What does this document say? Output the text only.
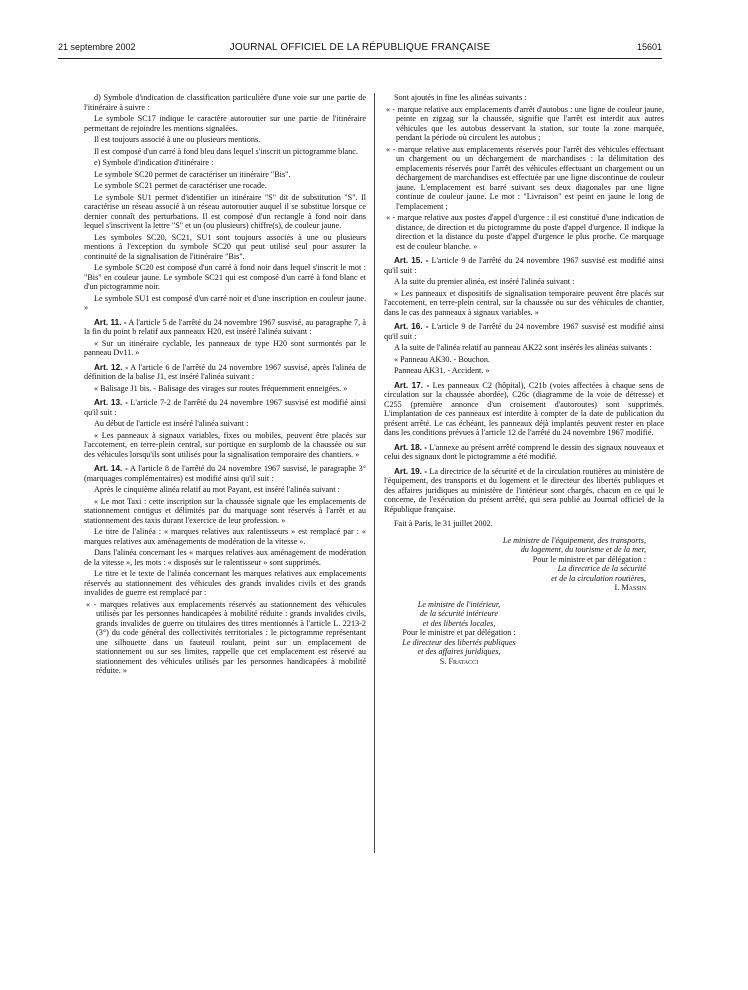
21 septembre 2002	JOURNAL OFFICIEL DE LA RÉPUBLIQUE FRANÇAISE	15601

d) Symbole d'indication de classification particulière d'une voie sur une partie de l'itinéraire à suivre :

Le symbole SC17 indique le caractère autoroutier sur une partie de l'itinéraire permettant de rejoindre les mentions signalées.

Il est toujours associé à une ou plusieurs mentions.

Il est composé d'un carré à fond bleu dans lequel s'inscrit un pictogramme blanc.

e) Symbole d'indication d'itinéraire :

Le symbole SC20 permet de caractériser un itinéraire "Bis".

Le symbole SC21 permet de caractériser une rocade.

Le symbole SU1 permet d'identifier un itinéraire "S" dit de substitution "S". Il caractérise un réseau associé à un réseau autoroutier auquel il se substitue lorsque ce dernier connaît des perturbations. Il est composé d'un rectangle à fond noir dans lequel s'inscrivent la lettre "S" et un (ou plusieurs) chiffre(s), de couleur jaune.

Les symboles SC20, SC21, SU1 sont toujours associés à une ou plusieurs mentions à l'exception du symbole SC20 qui peut utilisé seul pour assurer la continuité de la signalisation de l'itinéraire "Bis".

Le symbole SC20 est composé d'un carré à fond noir dans lequel s'inscrit le mot : "Bis" en couleur jaune. Le symbole SC21 qui est composé d'un carré à fond blanc et d'un pictogramme noir.

Le symbole SU1 est composé d'un carré noir et d'une inscription en couleur jaune. »

Art. 11. - A l'article 5 de l'arrêté du 24 novembre 1967 susvisé, au paragraphe 7, à la fin du point b relatif aux panneaux H20, est inséré l'alinéa suivant :

« Sur un itinéraire cyclable, les panneaux de type H20 sont surmontés par le panneau Dv11. »

Art. 12. - A l'article 6 de l'arrêté du 24 novembre 1967 susvisé, après l'alinéa de définition de la balise J1, est inséré l'alinéa suivant :

« Balisage J1 bis. - Balisage des virages sur routes fréquemment enneigées. »

Art. 13. - L'article 7-2 de l'arrêté du 24 novembre 1967 susvisé est modifié ainsi qu'il suit :

Au début de l'article est inséré l'alinéa suivant :

« Les panneaux à signaux variables, fixes ou mobiles, peuvent être placés sur l'accotement, en terre-plein central, sur portique en surplomb de la chaussée ou sur des véhicules lorsqu'ils sont utilisés pour la signalisation temporaire des chantiers. »

Art. 14. - A l'article 8 de l'arrêté du 24 novembre 1967 susvisé, le paragraphe 3° (marquages complémentaires) est modifié ainsi qu'il suit :

Après le cinquième alinéa relatif au mot Payant, est inséré l'alinéa suivant :

« Le mot Taxi : cette inscription sur la chaussée signale que les emplacements de stationnement contigus et délimités par du marquage sont réservés à l'arrêt et au stationnement des taxis durant l'exercice de leur profession. »

Le titre de l'alinéa : « marques relatives aux ralentisseurs » est remplacé par : « marques relatives aux aménagements de modération de la vitesse ».

Dans l'alinéa concernant les « marques relatives aux aménagement de modération de la vitesse », les mots : « disposés sur le ralentisseur » sont supprimés.

Le titre et le texte de l'alinéa concernant les marques relatives aux emplacements réservés au stationnement des véhicules des grands invalides civils et des grands invalides de guerre est remplacé par :

« - marques relatives aux emplacements réservés au stationnement des véhicules utilisés par les personnes handicapées à mobilité réduite : grands invalides civils, grands invalides de guerre ou titulaires des titres mentionnés à l'article L. 2213-2 (3°) du code général des collectivités territoriales : le pictogramme représentant une silhouette dans un fauteuil roulant, peint sur un emplacement de stationnement ou sur ses limites, rappelle que cet emplacement est réservé au stationnement des véhicules utilisés par les personnes handicapées à mobilité réduite. »

Sont ajoutés in fine les alinéas suivants :

« - marque relative aux emplacements d'arrêt d'autobus : une ligne de couleur jaune, peinte en zigzag sur la chaussée, signifie que l'arrêt est interdit aux autres véhicules que les autobus desservant la station, sur toute la zone marquée, pendant la période où circulent les autobus ;

« - marque relative aux emplacements réservés pour l'arrêt des véhicules effectuant un chargement ou un déchargement de marchandises : la délimitation des emplacements réservés pour l'arrêt des véhicules effectuant un chargement ou un déchargement de marchandises est effectuée par une ligne discontinue de couleur jaune. L'emplacement est barré suivant ses deux diagonales par une ligne continue de couleur jaune. Le mot : "Livraison" est peint en jaune le long de l'emplacement ;

« - marque relative aux postes d'appel d'urgence : il est constitué d'une indication de distance, de direction et du pictogramme du poste d'appel d'urgence. Il indique la direction et la distance du poste d'appel d'urgence le plus proche. Ce marquage est de couleur blanche. »

Art. 15. - L'article 9 de l'arrêté du 24 novembre 1967 susvisé est modifié ainsi qu'il suit :

A la suite du premier alinéa, est inséré l'alinéa suivant :

« Les panneaux et dispositifs de signalisation temporaire peuvent être placés sur l'accotement, en terre-plein central, sur la chaussée ou sur des véhicules de chantier, dans le cas des panneaux à signaux variables. »

Art. 16. - L'article 9 de l'arrêté du 24 novembre 1967 susvisé est modifié ainsi qu'il suit :

A la suite de l'alinéa relatif au panneau AK22 sont insérés les alinéas suivants :

« Panneau AK30. - Bouchon.

Panneau AK31. - Accident. »

Art. 17. - Les panneaux C2 (hôpital), C21b (voies affectées à chaque sens de circulation sur la chaussée abordée), C26c (diagramme de la voie de détresse) et C255 (première annonce d'un croisement d'autoroutes) sont supprimés. L'implantation de ces panneaux est interdite à compter de la date de publication du présent arrêté. Le cas échéant, les panneaux déjà implantés peuvent rester en place dans les conditions prévues à l'article 12 de l'arrêté du 24 novembre 1967 modifié.

Art. 18. - L'annexe au présent arrêté comprend le dessin des signaux nouveaux et celui des signaux dont le pictogramme a été modifié.

Art. 19. - La directrice de la sécurité et de la circulation routières au ministère de l'équipement, des transports et du logement et le directeur des libertés publiques et des affaires juridiques au ministère de l'intérieur sont chargés, chacun en ce qui le concerne, de l'exécution du présent arrêté, qui sera publié au Journal officiel de la République française.

Fait à Paris, le 31 juillet 2002.

Le ministre de l'équipement, des transports,
du logement, du tourisme et de la mer,
Pour le ministre et par délégation :
La directrice de la sécurité
et de la circulation routières,
I. Massin
Le ministre de l'intérieur,
de la sécurité intérieure
et des libertés locales,
Pour le ministre et par délégation :
Le directeur des libertés publiques
et des affaires juridiques,
S. Fratacci
